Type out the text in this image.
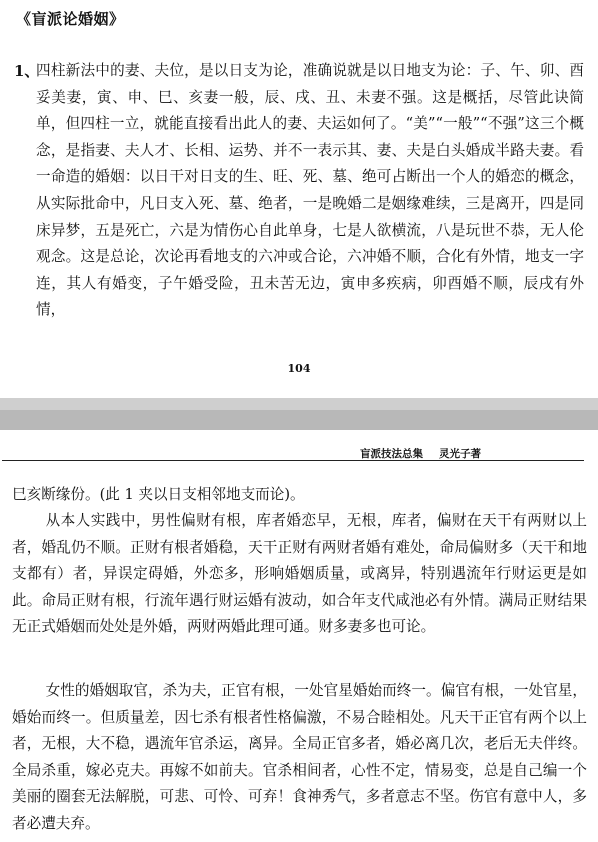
《盲派论婚姻》
1、

四柱新法中的妻、夫位，是以日支为论，准确说就是以日地支为论：子、午、卯、酉妥美妻，寅、申、巳、亥妻一般，辰、戌、丑、未妻不强。这是概括，尽管此诀简单，但四柱一立，就能直接看出此人的妻、夫运如何了。“美”“一般”“不强”这三个概念，是指妻、夫人才、长相、运势、并不一表示其、妻、夫是白头婚成半路夫妻。看一命造的婚姻：以日干对日支的生、旺、死、墓、绝可占断出一个人的婚恋的概念，从实际批命中，凡日支入死、墓、绝者，一是晚婚二是姻缘难续，三是离开，四是同床异梦，五是死亡，六是为情伤心自此单身，七是人欲横流，八是玩世不恭，无人伦观念。这是总论，次论再看地支的六冲或合论，六冲婚不顺，合化有外情，地支一字连，其人有婚变，子午婚受险，丑未苦无边，寅申多疾病，卯酉婚不顺，辰戌有外情，

104
盲派技法总集 灵光子著

巳亥断缘份。(此 1 夹以日支相邻地支而论)。

从本人实践中，男性偏财有根，库者婚恋早，无根，库者，偏财在天干有两财以上者，婚乱仍不顺。正财有根者婚稳，天干正财有两财者婚有难处，命局偏财多（天干和地支都有）者，异误定碍婚，外恋多，形响婚姻质量，或离异，特别遇流年行财运更是如此。命局正财有根，行流年遇行财运婚有波动，如合年支代咸池必有外情。满局正财结果无正式婚姻而处处是外婚，两财两婚此理可通。财多妻多也可论。

女性的婚姻取官，杀为夫，正官有根，一处官星婚始而终一。偏官有根，一处官星，婚始而终一。但质量差，因七杀有根者性格偏激，不易合睦相处。凡天干正官有两个以上者，无根，大不稳，遇流年官杀运，离异。全局正官多者，婚必离几次，老后无夫伴终。全局杀重，嫁必克夫。再嫁不如前夫。官杀相间者，心性不定，情易变，总是自己编一个美丽的圈套无法解脱，可悲、可怜、可弃！食神秀气，多者意志不坚。伤官有意中人，多者必遭夫弃。
